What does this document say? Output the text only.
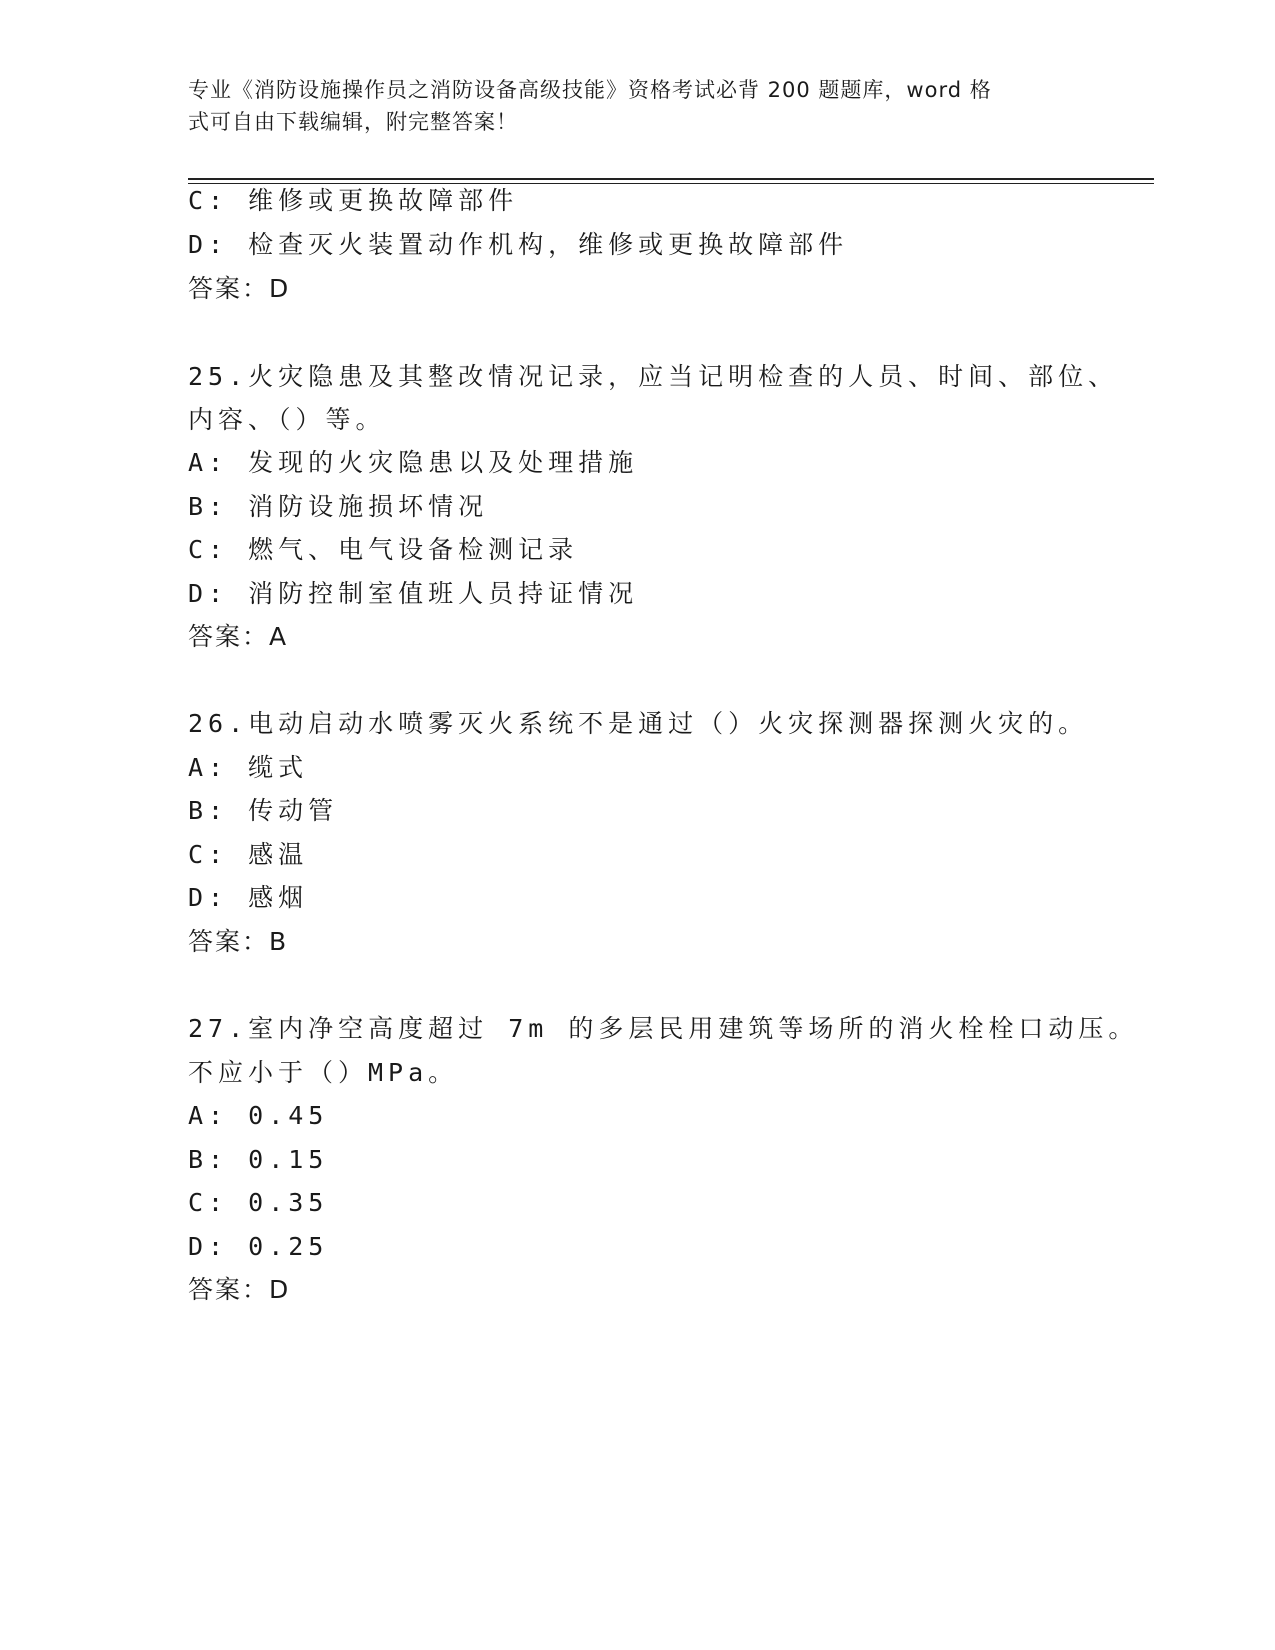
专业《消防设施操作员之消防设备高级技能》资格考试必背 200 题题库，word 格
式可自由下载编辑，附完整答案！
C: 维修或更换故障部件
D: 检查灭火装置动作机构，维修或更换故障部件
答案：D
25.火灾隐患及其整改情况记录，应当记明检查的人员、时间、部位、
内容、（）等。
A: 发现的火灾隐患以及处理措施
B: 消防设施损坏情况
C: 燃气、电气设备检测记录
D: 消防控制室值班人员持证情况
答案：A
26.电动启动水喷雾灭火系统不是通过（）火灾探测器探测火灾的。
A: 缆式
B: 传动管
C: 感温
D: 感烟
答案：B
27.室内净空高度超过 7m 的多层民用建筑等场所的消火栓栓口动压。
不应小于（）MPa。
A: 0.45
B: 0.15
C: 0.35
D: 0.25
答案：D
